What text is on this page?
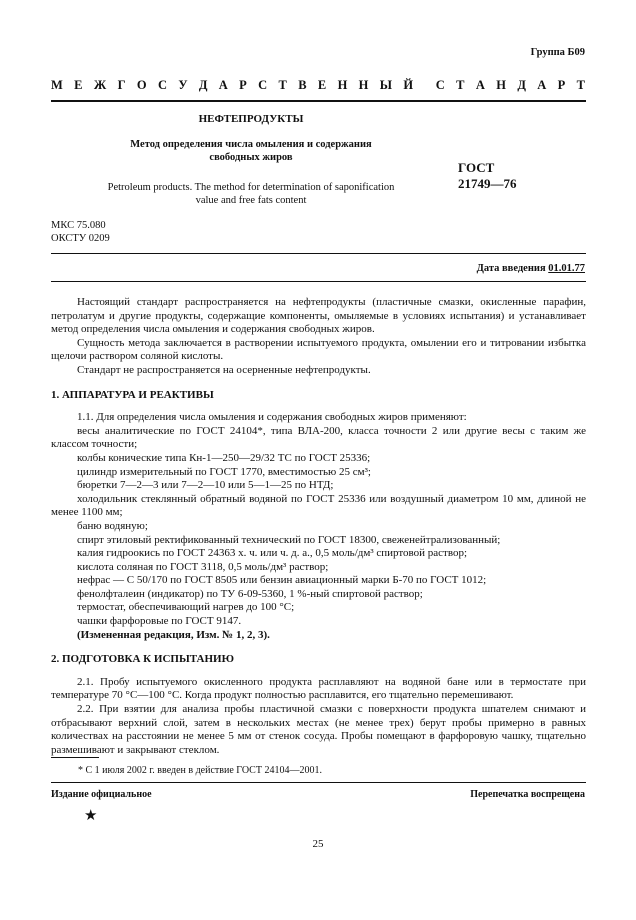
Группа Б09
М Е Ж Г О С У Д А Р С Т В Е Н Н Ы Й С Т А Н Д А Р Т
НЕФТЕПРОДУКТЫ
Метод определения числа омыления и содержания
свободных жиров
Petroleum products. The method for determination of saponification
value and free fats content
ГОСТ
21749—76
МКС 75.080
ОКСТУ 0209
Дата введения 01.01.77

Настоящий стандарт распространяется на нефтепродукты (пластичные смазки, окисленные парафин, петролатум и другие продукты, содержащие компоненты, омыляемые в условиях испытания) и устанавливает метод определения числа омыления и содержания свободных жиров.

Сущность метода заключается в растворении испытуемого продукта, омылении его и титровании избытка щелочи раствором соляной кислоты.

Стандарт не распространяется на осерненные нефтепродукты.

1. АППАРАТУРА И РЕАКТИВЫ

1.1. Для определения числа омыления и содержания свободных жиров применяют:

весы аналитические по ГОСТ 24104*, типа ВЛА-200, класса точности 2 или другие весы с таким же классом точности;

колбы конические типа Кн-1—250—29/32 ТС по ГОСТ 25336;

цилиндр измерительный по ГОСТ 1770, вместимостью 25 см³;

бюретки 7—2—3 или 7—2—10 или 5—1—25 по НТД;

холодильник стеклянный обратный водяной по ГОСТ 25336 или воздушный диаметром 10 мм, длиной не менее 1100 мм;

баню водяную;

спирт этиловый ректификованный технический по ГОСТ 18300, свеженейтрализованный;

калия гидроокись по ГОСТ 24363 х. ч. или ч. д. а., 0,5 моль/дм³ спиртовой раствор;

кислота соляная по ГОСТ 3118, 0,5 моль/дм³ раствор;

нефрас — С 50/170 по ГОСТ 8505 или бензин авиационный марки Б-70 по ГОСТ 1012;

фенолфталеин (индикатор) по ТУ 6-09-5360, 1 %-ный спиртовой раствор;

термостат, обеспечивающий нагрев до 100 °С;

чашки фарфоровые по ГОСТ 9147.

(Измененная редакция, Изм. № 1, 2, 3).

2. ПОДГОТОВКА К ИСПЫТАНИЮ

2.1. Пробу испытуемого окисленного продукта расплавляют на водяной бане или в термостате при температуре 70 °С—100 °С. Когда продукт полностью расплавится, его тщательно перемешивают.

2.2. При взятии для анализа пробы пластичной смазки с поверхности продукта шпателем снимают и отбрасывают верхний слой, затем в нескольких местах (не менее трех) берут пробы примерно в равных количествах на расстоянии не менее 5 мм от стенок сосуда. Пробы помещают в фарфоровую чашку, тщательно размешивают и закрывают стеклом.

* С 1 июля 2002 г. введен в действие ГОСТ 24104—2001.
Издание официальное	Перепечатка воспрещена
★
25
